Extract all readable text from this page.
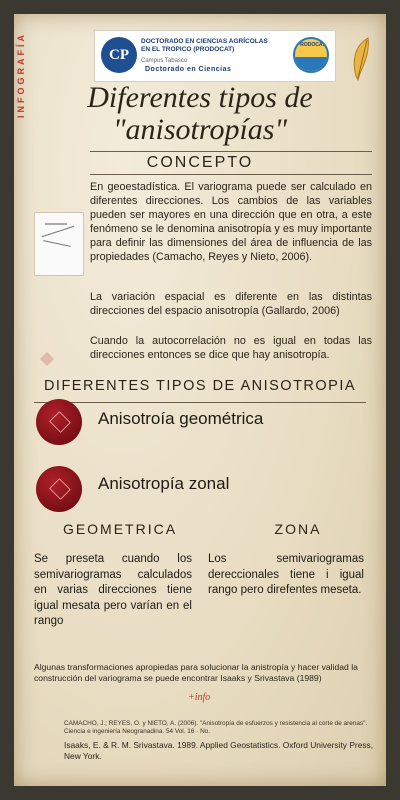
INFOGRAFÍA	CP
DOCTORADO EN CIENCIAS AGRÍCOLAS EN EL TROPICO (PRODOCAT)
Campus Tabasco
Doctorado en Ciencias
PRODOCAT
Diferentes tipos de
"anisotropías"
CONCEPTO
En geoestadística. El variograma puede ser calculado en diferentes direcciones. Los cambios de las variables pueden ser mayores en una dirección que en otra, a este fenómeno se le denomina anisotropía y es muy importante para definir las dimensiones del área de influencia de las propiedades (Camacho, Reyes y Nieto, 2006).
La variación espacial es diferente en las distintas direcciones del espacio anisotropía (Gallardo, 2006)
Cuando la autocorrelación no es igual en todas las direcciones entonces se dice que hay anisotropía.
DIFERENTES TIPOS DE ANISOTROPIA
Anisotroía geométrica
Anisotropía zonal
GEOMETRICA	ZONA
Se preseta cuando los semivariogramas calculados en varias direcciones tiene igual mesata pero varían en el rango
Los semivariogramas dereccionales tiene i igual rango pero direfentes meseta.
Algunas transformaciones apropiedas para solucionar la anistropía y hacer validad la construcción del variograma se puede encontrar Isaaks y Srivastava (1989)
+info
CAMACHO, J.; REYES, O. y NIETO, A. (2006). "Anisotropía de esfuerzos y resistencia al corte de arenas". Ciencia e ingeniería Neogranadina. 54 Vol. 16 · No.
Isaaks, E. & R. M. Srivastava. 1989. Applied Geostatistics. Oxford University Press, New York.
